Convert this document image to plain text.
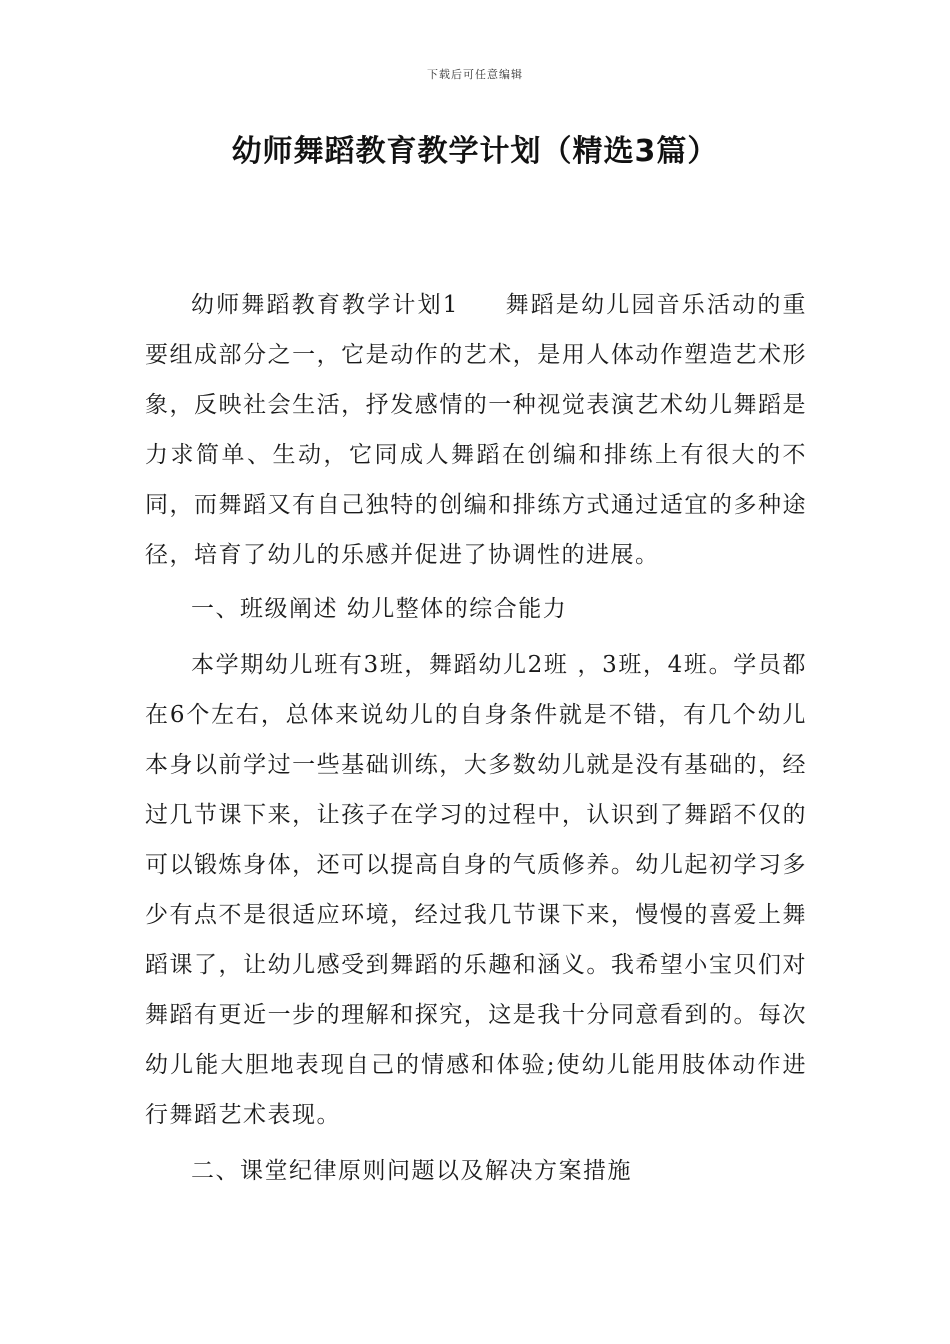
下载后可任意编辑
幼师舞蹈教育教学计划（精选3篇）

幼师舞蹈教育教学计划1 舞蹈是幼儿园音乐活动的重要组成部分之一，它是动作的艺术，是用人体动作塑造艺术形象，反映社会生活，抒发感情的一种视觉表演艺术幼儿舞蹈是力求简单、生动，它同成人舞蹈在创编和排练上有很大的不同，而舞蹈又有自己独特的创编和排练方式通过适宜的多种途径，培育了幼儿的乐感并促进了协调性的进展。

一、班级阐述 幼儿整体的综合能力

本学期幼儿班有3班，舞蹈幼儿2班 ，3班，4班。学员都在6个左右，总体来说幼儿的自身条件就是不错，有几个幼儿本身以前学过一些基础训练，大多数幼儿就是没有基础的，经过几节课下来，让孩子在学习的过程中，认识到了舞蹈不仅的可以锻炼身体，还可以提高自身的气质修养。幼儿起初学习多少有点不是很适应环境，经过我几节课下来，慢慢的喜爱上舞蹈课了，让幼儿感受到舞蹈的乐趣和涵义。我希望小宝贝们对舞蹈有更近一步的理解和探究，这是我十分同意看到的。每次幼儿能大胆地表现自己的情感和体验;使幼儿能用肢体动作进行舞蹈艺术表现。

二、课堂纪律原则问题以及解决方案措施
